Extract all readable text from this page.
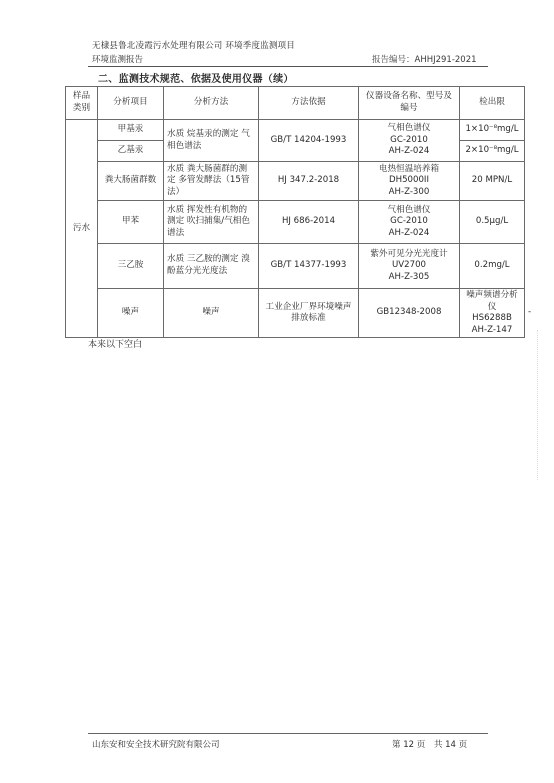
无棣县鲁北凌霞污水处理有限公司 环境季度监测项目
环境监测报告	报告编号：AHHJ291-2021
二、监测技术规范、依据及使用仪器（续）
样品类别	分析项目	分析方法	方法依据	仪器设备名称、型号及编号	检出限	
污水	甲基汞	水质 烷基汞的测定 气相色谱法	GB/T 14204-1993	气相色谱仪
GC-2010
AH-Z-024	1×10⁻⁸mg/L	
	乙基汞				2×10⁻⁸mg/L	
	粪大肠菌群数	水质 粪大肠菌群的测定 多管发酵法（15管法）	HJ 347.2-2018	电热恒温培养箱
DH5000II
AH-Z-300	20 MPN/L	
	甲苯	水质 挥发性有机物的测定 吹扫捕集/气相色谱法	HJ 686-2014	气相色谱仪
GC-2010
AH-Z-024	0.5μg/L	
	三乙胺	水质 三乙胺的测定 溴酚蓝分光光度法	GB/T 14377-1993	紫外可见分光光度计 UV2700
AH-Z-305	0.2mg/L	
	噪声	噪声	工业企业厂界环境噪声排放标准	GB12348-2008	噪声频谱分析仪
HS6288B
AH-Z-147	-
本来以下空白
山东安和安全技术研究院有限公司	第 12 页 共 14 页
